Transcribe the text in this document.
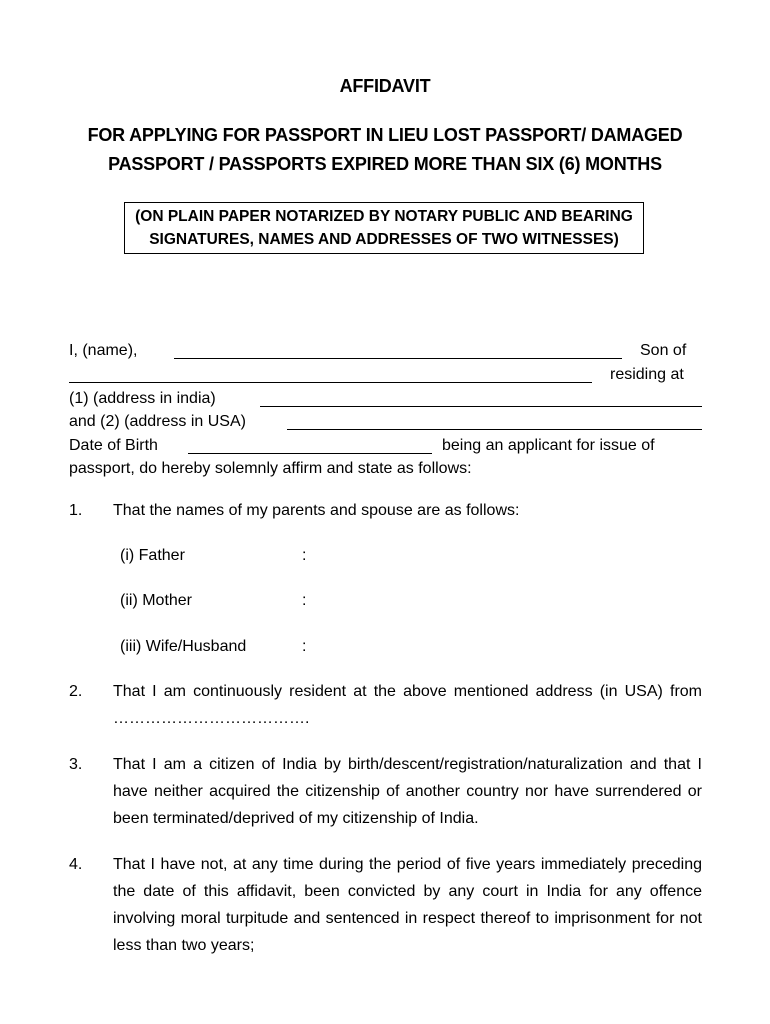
AFFIDAVIT
FOR APPLYING FOR PASSPORT IN LIEU LOST PASSPORT/ DAMAGED
PASSPORT / PASSPORTS EXPIRED MORE THAN SIX (6) MONTHS
(ON PLAIN PAPER NOTARIZED BY NOTARY PUBLIC AND BEARING
SIGNATURES, NAMES AND ADDRESSES OF TWO WITNESSES)
I, (name),	Son of
residing at
(1) (address in india)
and (2) (address in USA)
Date of Birth	being an applicant for issue of
passport, do hereby solemnly affirm and state as follows:
1. That the names of my parents and spouse are as follows:
(i) Father	:
(ii) Mother	:
(iii) Wife/Husband	:
2. That I am continuously resident at the above mentioned address (in USA) from ……………………………….
3. That I am a citizen of India by birth/descent/registration/naturalization and that I have neither acquired the citizenship of another country nor have surrendered or been terminated/deprived of my citizenship of India.
4. That I have not, at any time during the period of five years immediately preceding the date of this affidavit, been convicted by any court in India for any offence involving moral turpitude and sentenced in respect thereof to imprisonment for not less than two years;
